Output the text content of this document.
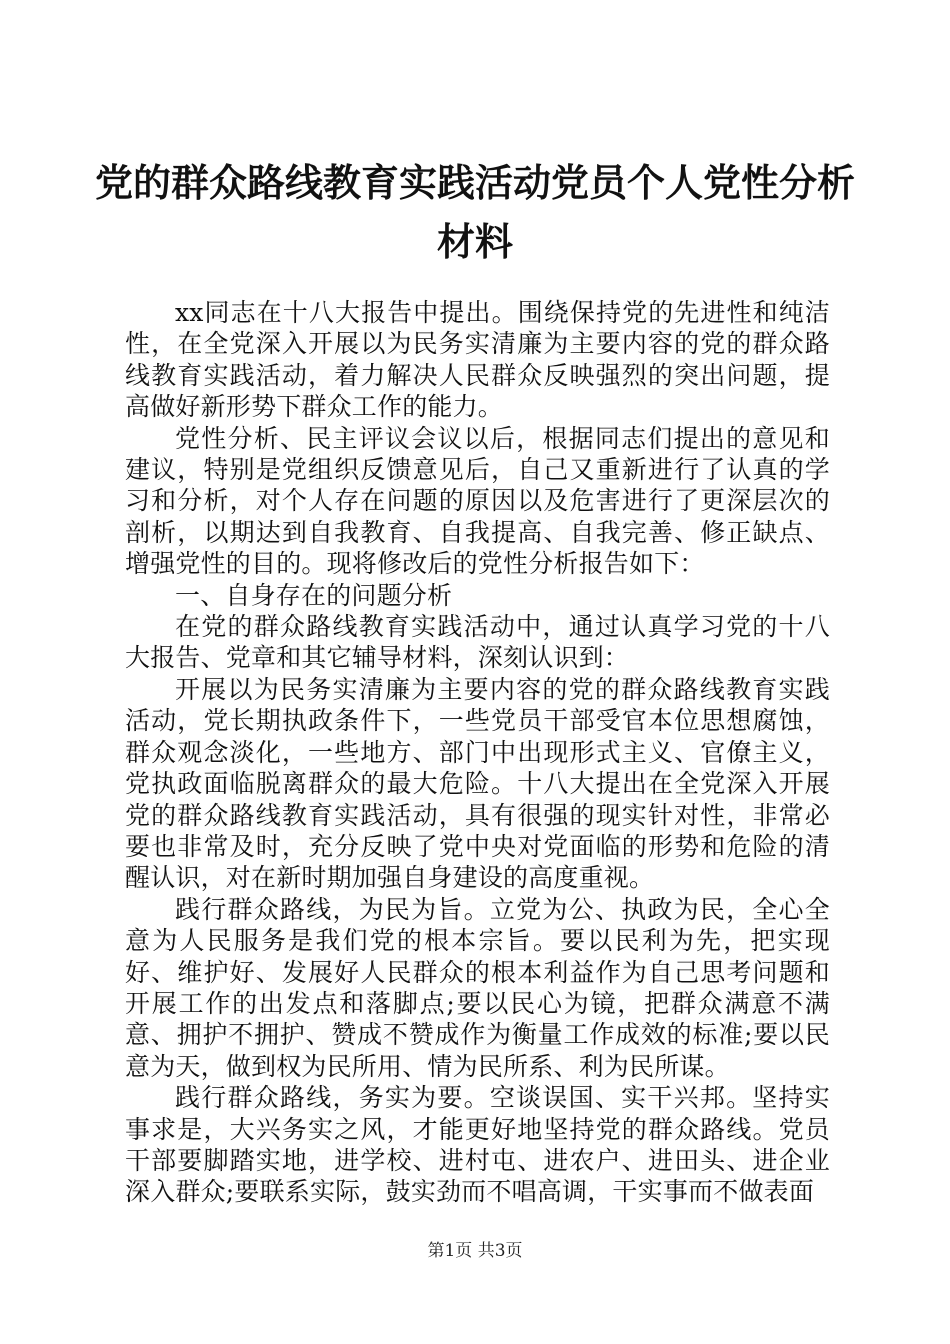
党的群众路线教育实践活动党员个人党性分析
材料

xx同志在十八大报告中提出。围绕保持党的先进性和纯洁性，在全党深入开展以为民务实清廉为主要内容的党的群众路线教育实践活动，着力解决人民群众反映强烈的突出问题，提高做好新形势下群众工作的能力。

党性分析、民主评议会议以后，根据同志们提出的意见和建议，特别是党组织反馈意见后，自己又重新进行了认真的学习和分析，对个人存在问题的原因以及危害进行了更深层次的剖析，以期达到自我教育、自我提高、自我完善、修正缺点、增强党性的目的。现将修改后的党性分析报告如下：

一、自身存在的问题分析

在党的群众路线教育实践活动中，通过认真学习党的十八大报告、党章和其它辅导材料，深刻认识到：

开展以为民务实清廉为主要内容的党的群众路线教育实践活动，党长期执政条件下，一些党员干部受官本位思想腐蚀，群众观念淡化，一些地方、部门中出现形式主义、官僚主义，党执政面临脱离群众的最大危险。十八大提出在全党深入开展党的群众路线教育实践活动，具有很强的现实针对性，非常必要也非常及时，充分反映了党中央对党面临的形势和危险的清醒认识，对在新时期加强自身建设的高度重视。

践行群众路线，为民为旨。立党为公、执政为民，全心全意为人民服务是我们党的根本宗旨。要以民利为先，把实现好、维护好、发展好人民群众的根本利益作为自己思考问题和开展工作的出发点和落脚点;要以民心为镜，把群众满意不满意、拥护不拥护、赞成不赞成作为衡量工作成效的标准;要以民意为天，做到权为民所用、情为民所系、利为民所谋。

践行群众路线，务实为要。空谈误国、实干兴邦。坚持实事求是，大兴务实之风，才能更好地坚持党的群众路线。党员干部要脚踏实地，进学校、进村屯、进农户、进田头、进企业深入群众;要联系实际，鼓实劲而不唱高调，干实事而不做表面

第1页 共3页
